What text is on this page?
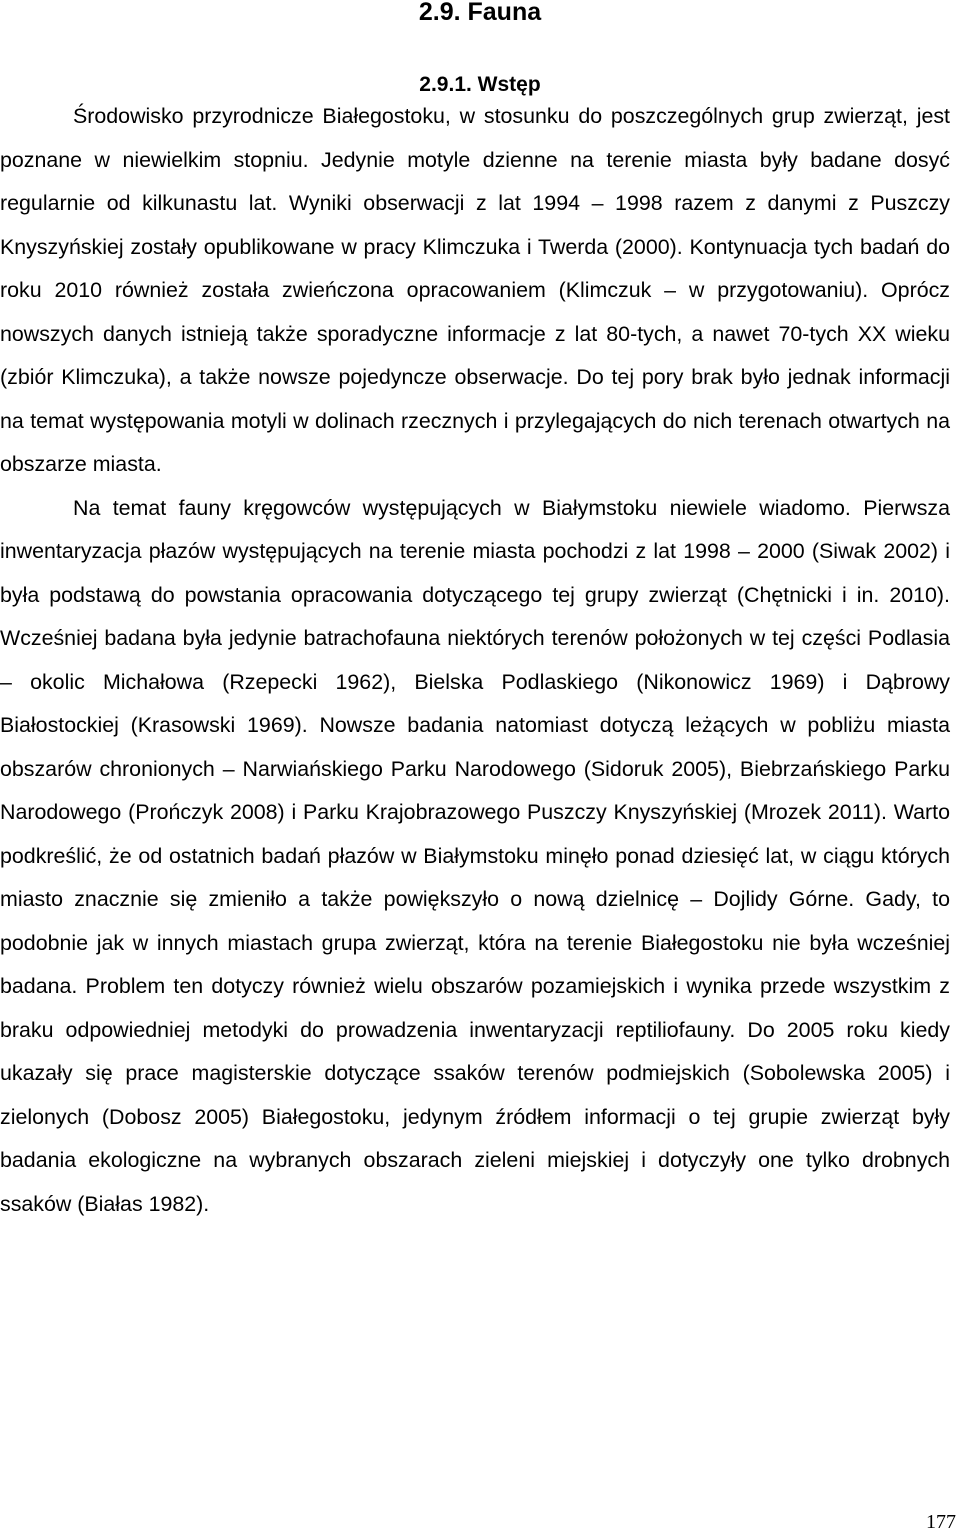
2.9. Fauna
2.9.1. Wstęp

Środowisko przyrodnicze Białegostoku, w stosunku do poszczególnych grup zwierząt, jest poznane w niewielkim stopniu. Jedynie motyle dzienne na terenie miasta były badane dosyć regularnie od kilkunastu lat. Wyniki obserwacji z lat 1994 – 1998 razem z danymi z Puszczy Knyszyńskiej zostały opublikowane w pracy Klimczuka i Twerda (2000). Kontynuacja tych badań do roku 2010 również została zwieńczona opracowaniem (Klimczuk – w przygotowaniu). Oprócz nowszych danych istnieją także sporadyczne informacje z lat 80-tych, a nawet 70-tych XX wieku (zbiór Klimczuka), a także nowsze pojedyncze obserwacje. Do tej pory brak było jednak informacji na temat występowania motyli w dolinach rzecznych i przylegających do nich terenach otwartych na obszarze miasta.

Na temat fauny kręgowców występujących w Białymstoku niewiele wiadomo. Pierwsza inwentaryzacja płazów występujących na terenie miasta pochodzi z lat 1998 – 2000 (Siwak 2002) i była podstawą do powstania opracowania dotyczącego tej grupy zwierząt (Chętnicki i in. 2010). Wcześniej badana była jedynie batrachofauna niektórych terenów położonych w tej części Podlasia – okolic Michałowa (Rzepecki 1962), Bielska Podlaskiego (Nikonowicz 1969) i Dąbrowy Białostockiej (Krasowski 1969). Nowsze badania natomiast dotyczą leżących w pobliżu miasta obszarów chronionych – Narwiańskiego Parku Narodowego (Sidoruk 2005), Biebrzańskiego Parku Narodowego (Prończyk 2008) i Parku Krajobrazowego Puszczy Knyszyńskiej (Mrozek 2011). Warto podkreślić, że od ostatnich badań płazów w Białymstoku minęło ponad dziesięć lat, w ciągu których miasto znacznie się zmieniło a także powiększyło o nową dzielnicę – Dojlidy Górne. Gady, to podobnie jak w innych miastach grupa zwierząt, która na terenie Białegostoku nie była wcześniej badana. Problem ten dotyczy również wielu obszarów pozamiejskich i wynika przede wszystkim z braku odpowiedniej metodyki do prowadzenia inwentaryzacji reptiliofauny. Do 2005 roku kiedy ukazały się prace magisterskie dotyczące ssaków terenów podmiejskich (Sobolewska 2005) i zielonych (Dobosz 2005) Białegostoku, jedynym źródłem informacji o tej grupie zwierząt były badania ekologiczne na wybranych obszarach zieleni miejskiej i dotyczyły one tylko drobnych ssaków (Białas 1982).

177
